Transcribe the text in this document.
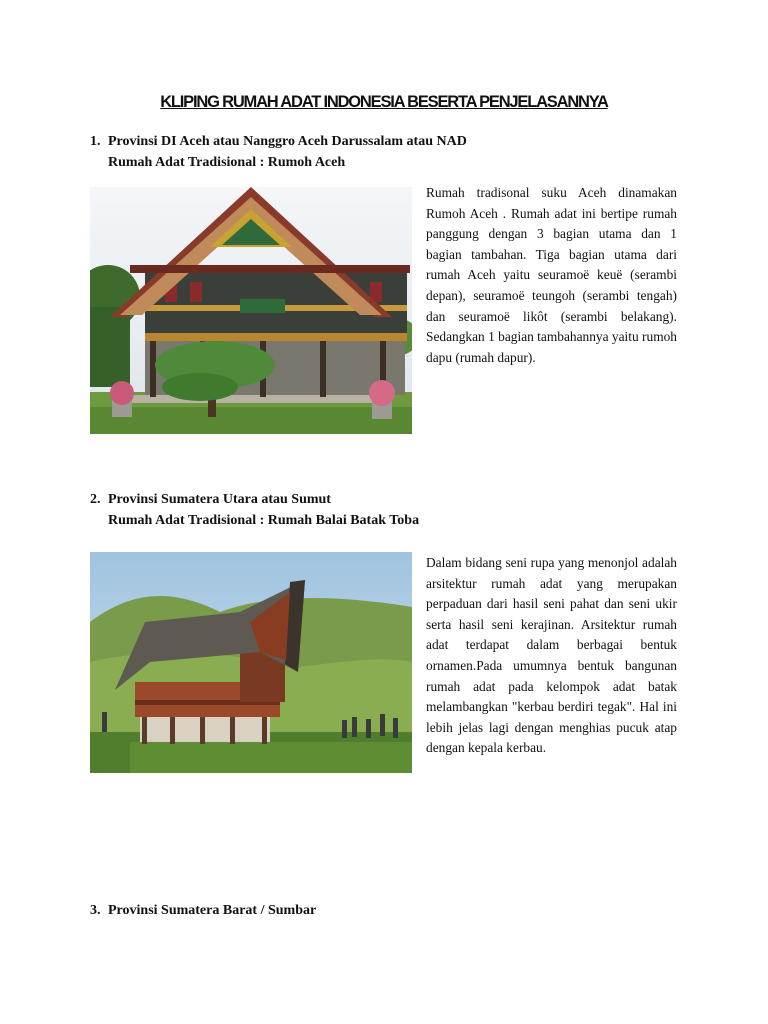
KLIPING RUMAH ADAT INDONESIA BESERTA PENJELASANNYA
1. Provinsi DI Aceh atau Nanggro Aceh Darussalam atau NAD
Rumah Adat Tradisional : Rumoh Aceh
Rumah tradisonal suku Aceh dinamakan Rumoh Aceh . Rumah adat ini bertipe rumah panggung dengan 3 bagian utama dan 1 bagian tambahan. Tiga bagian utama dari rumah Aceh yaitu seuramoë keuë (serambi depan), seuramoë teungoh (serambi tengah) dan seuramoë likôt (serambi belakang). Sedangkan 1 bagian tambahannya yaitu rumoh dapu (rumah dapur).
2. Provinsi Sumatera Utara atau Sumut
Rumah Adat Tradisional : Rumah Balai Batak Toba
Dalam bidang seni rupa yang menonjol adalah arsitektur rumah adat yang merupakan perpaduan dari hasil seni pahat dan seni ukir serta hasil seni kerajinan. Arsitektur rumah adat terdapat dalam berbagai bentuk ornamen.Pada umumnya bentuk bangunan rumah adat pada kelompok adat batak melambangkan "kerbau berdiri tegak". Hal ini lebih jelas lagi dengan menghias pucuk atap dengan kepala kerbau.
3. Provinsi Sumatera Barat / Sumbar
